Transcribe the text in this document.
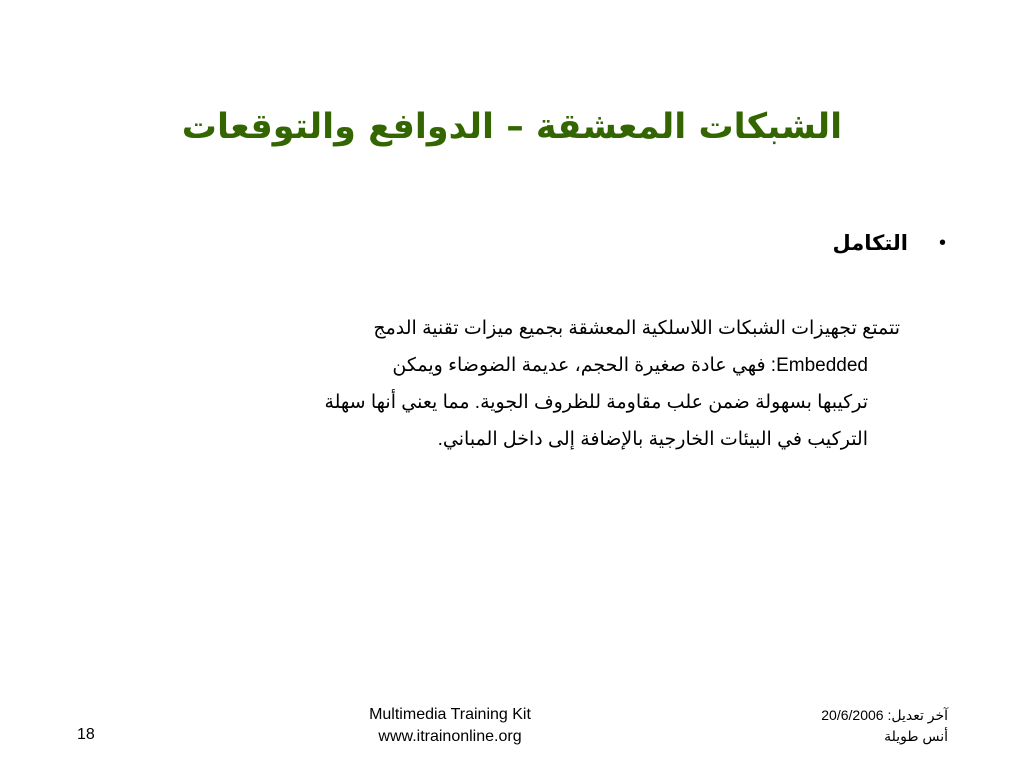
الشبكات المعشقة – الدوافع والتوقعات
•
التكامل
تتمتع تجهيزات الشبكات اللاسلكية المعشقة بجميع ميزات تقنية الدمج
Embedded: فهي عادة صغيرة الحجم، عديمة الضوضاء ويمكن
تركيبها بسهولة ضمن علب مقاومة للظروف الجوية. مما يعني أنها سهلة
التركيب في البيئات الخارجية بالإضافة إلى داخل المباني.
18
Multimedia Training Kit
www.itrainonline.org
آخر تعديل: 20/6/2006
أنس طويلة
